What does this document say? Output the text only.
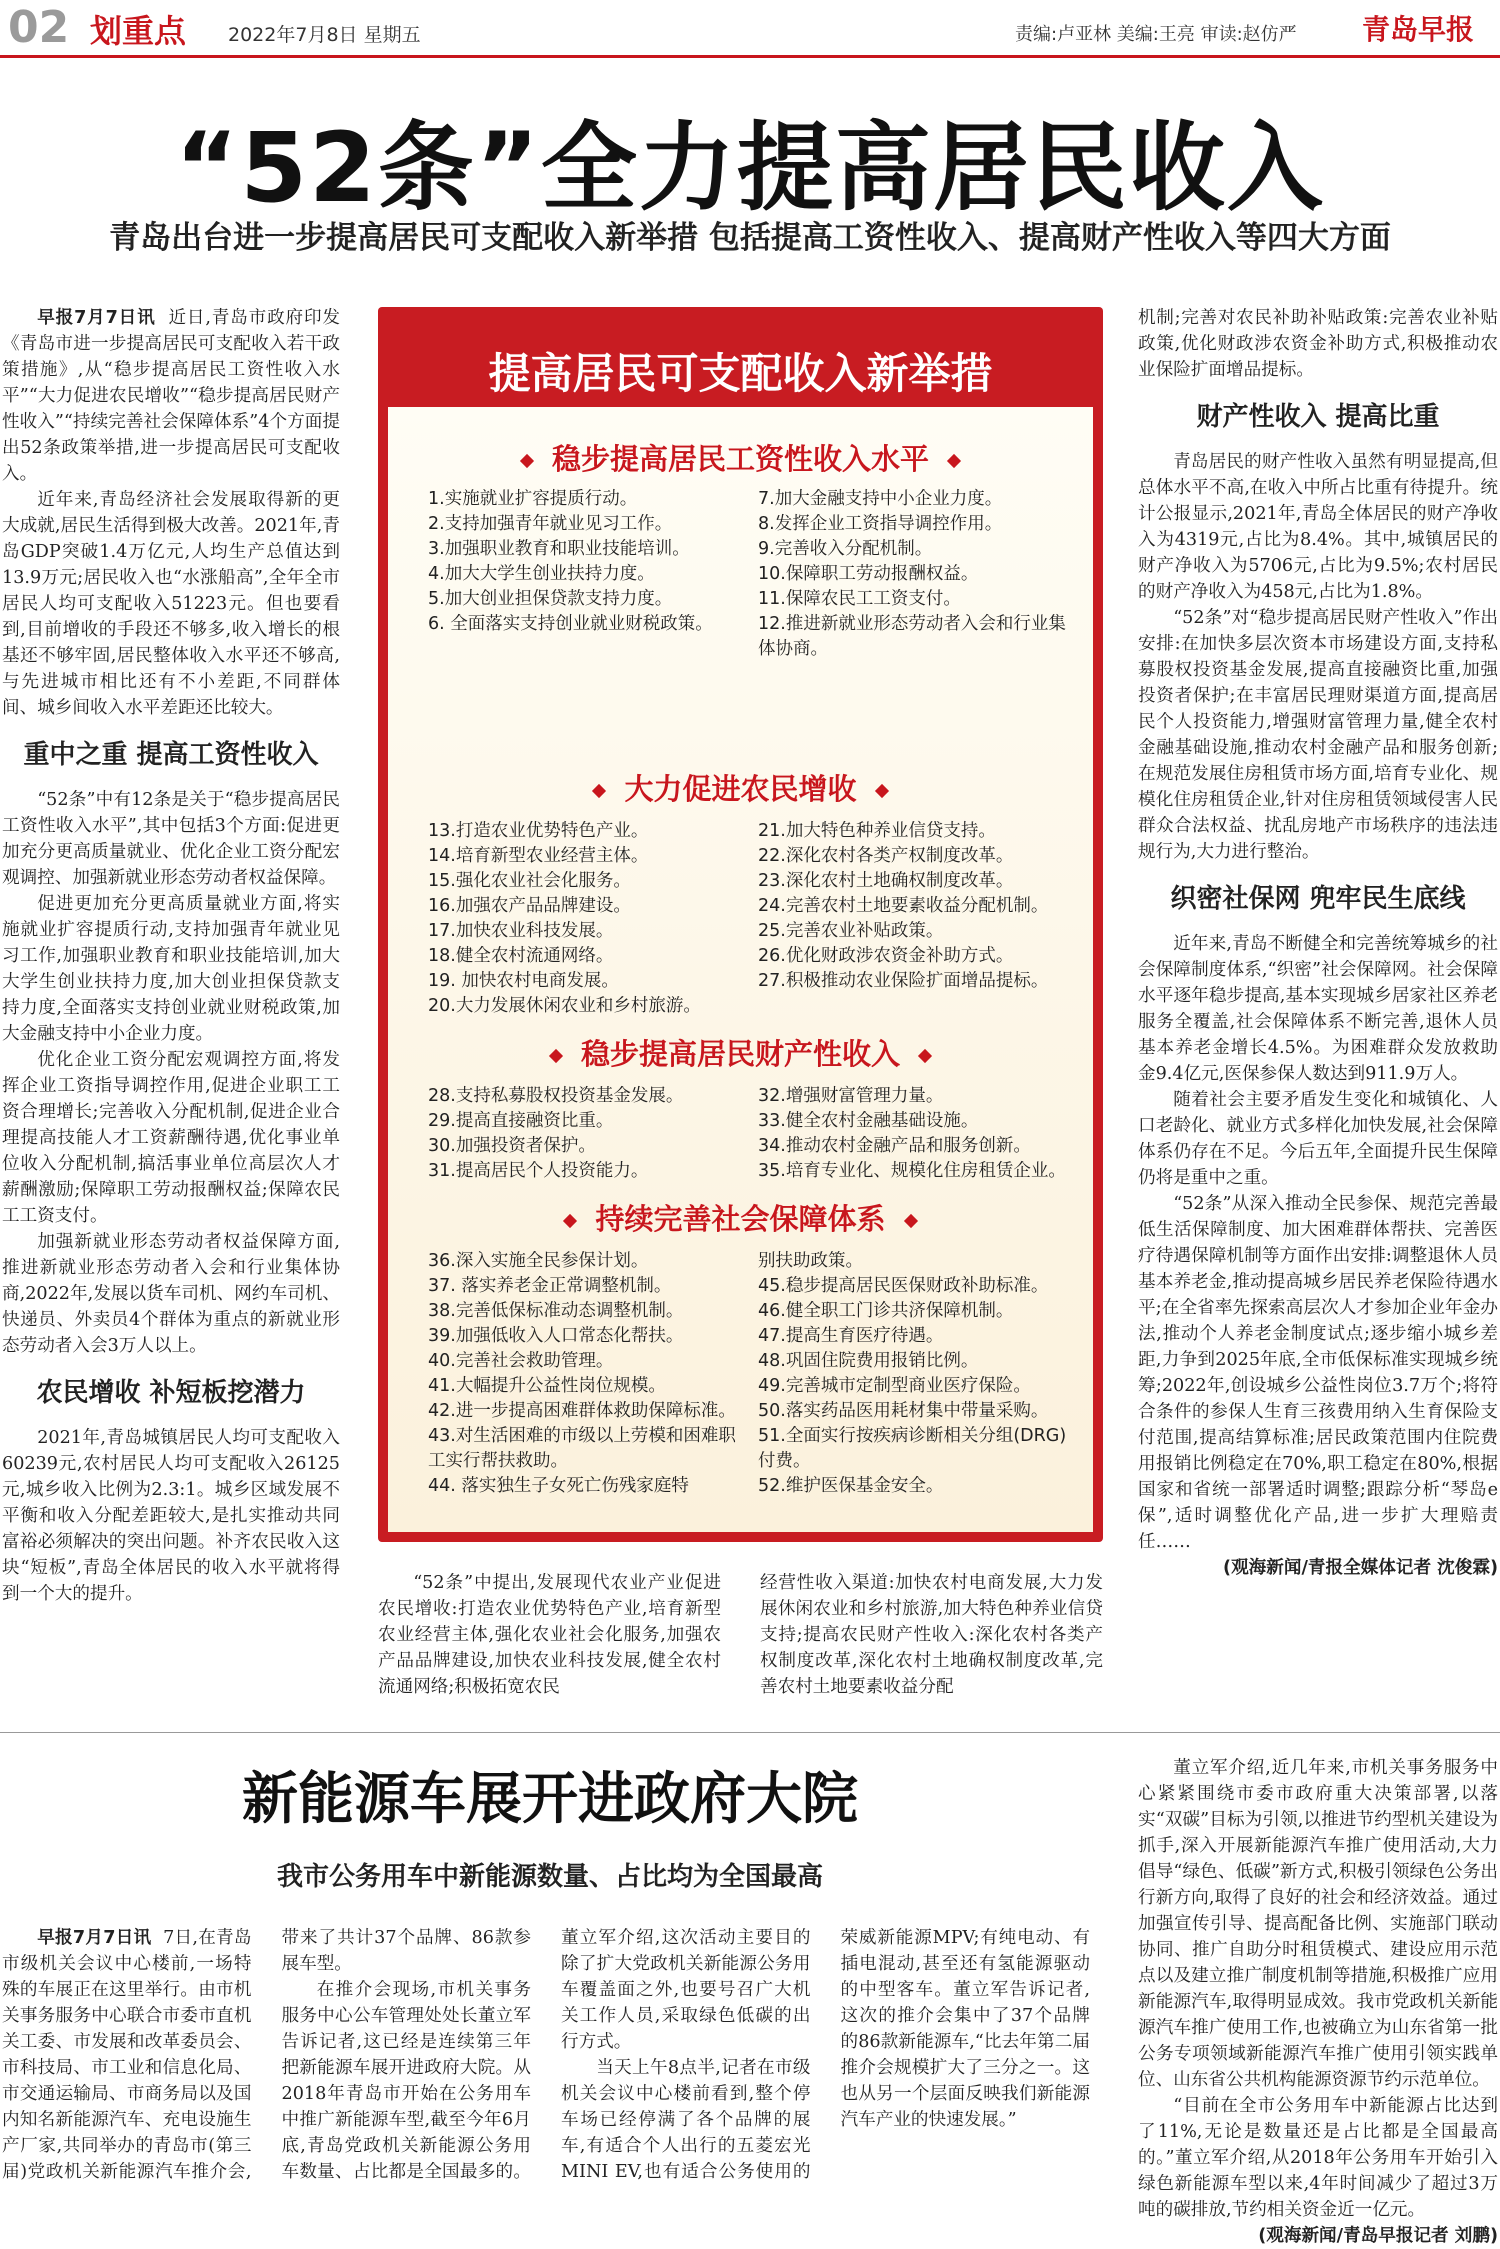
02 划重点 2022年7月8日 星期五	责编:卢亚林 美编:王亮 审读:赵仿严 青岛早报
“52条”全力提高居民收入
青岛出台进一步提高居民可支配收入新举措 包括提高工资性收入、提高财产性收入等四大方面

早报7月7日讯 近日,青岛市政府印发《青岛市进一步提高居民可支配收入若干政策措施》,从“稳步提高居民工资性收入水平”“大力促进农民增收”“稳步提高居民财产性收入”“持续完善社会保障体系”4个方面提出52条政策举措,进一步提高居民可支配收入。

近年来,青岛经济社会发展取得新的更大成就,居民生活得到极大改善。2021年,青岛GDP突破1.4万亿元,人均生产总值达到13.9万元;居民收入也“水涨船高”,全年全市居民人均可支配收入51223元。但也要看到,目前增收的手段还不够多,收入增长的根基还不够牢固,居民整体收入水平还不够高,与先进城市相比还有不小差距,不同群体间、城乡间收入水平差距还比较大。

重中之重 提高工资性收入

“52条”中有12条是关于“稳步提高居民工资性收入水平”,其中包括3个方面:促进更加充分更高质量就业、优化企业工资分配宏观调控、加强新就业形态劳动者权益保障。

促进更加充分更高质量就业方面,将实施就业扩容提质行动,支持加强青年就业见习工作,加强职业教育和职业技能培训,加大大学生创业扶持力度,加大创业担保贷款支持力度,全面落实支持创业就业财税政策,加大金融支持中小企业力度。

优化企业工资分配宏观调控方面,将发挥企业工资指导调控作用,促进企业职工工资合理增长;完善收入分配机制,促进企业合理提高技能人才工资薪酬待遇,优化事业单位收入分配机制,搞活事业单位高层次人才薪酬激励;保障职工劳动报酬权益;保障农民工工资支付。

加强新就业形态劳动者权益保障方面,推进新就业形态劳动者入会和行业集体协商,2022年,发展以货车司机、网约车司机、快递员、外卖员4个群体为重点的新就业形态劳动者入会3万人以上。

农民增收 补短板挖潜力

2021年,青岛城镇居民人均可支配收入60239元,农村居民人均可支配收入26125元,城乡收入比例为2.3:1。城乡区域发展不平衡和收入分配差距较大,是扎实推动共同富裕必须解决的突出问题。补齐农民收入这块“短板”,青岛全体居民的收入水平就将得到一个大的提升。

提高居民可支配收入新举措
稳步提高居民工资性收入水平
1.实施就业扩容提质行动。
2.支持加强青年就业见习工作。
3.加强职业教育和职业技能培训。
4.加大大学生创业扶持力度。
5.加大创业担保贷款支持力度。
6. 全面落实支持创业就业财税政策。
7.加大金融支持中小企业力度。
8.发挥企业工资指导调控作用。
9.完善收入分配机制。
10.保障职工劳动报酬权益。
11.保障农民工工资支付。
12.推进新就业形态劳动者入会和行业集体协商。
大力促进农民增收
13.打造农业优势特色产业。
14.培育新型农业经营主体。
15.强化农业社会化服务。
16.加强农产品品牌建设。
17.加快农业科技发展。
18.健全农村流通网络。
19. 加快农村电商发展。
20.大力发展休闲农业和乡村旅游。
21.加大特色种养业信贷支持。
22.深化农村各类产权制度改革。
23.深化农村土地确权制度改革。
24.完善农村土地要素收益分配机制。
25.完善农业补贴政策。
26.优化财政涉农资金补助方式。
27.积极推动农业保险扩面增品提标。
稳步提高居民财产性收入
28.支持私募股权投资基金发展。
29.提高直接融资比重。
30.加强投资者保护。
31.提高居民个人投资能力。
32.增强财富管理力量。
33.健全农村金融基础设施。
34.推动农村金融产品和服务创新。
35.培育专业化、规模化住房租赁企业。
持续完善社会保障体系
36.深入实施全民参保计划。
37. 落实养老金正常调整机制。
38.完善低保标准动态调整机制。
39.加强低收入人口常态化帮扶。
40.完善社会救助管理。
41.大幅提升公益性岗位规模。
42.进一步提高困难群体救助保障标准。
43.对生活困难的市级以上劳模和困难职工实行帮扶救助。
44. 落实独生子女死亡伤残家庭特
别扶助政策。
45.稳步提高居民医保财政补助标准。
46.健全职工门诊共济保障机制。
47.提高生育医疗待遇。
48.巩固住院费用报销比例。
49.完善城市定制型商业医疗保险。
50.落实药品医用耗材集中带量采购。
51.全面实行按疾病诊断相关分组(DRG)付费。
52.维护医保基金安全。

“52条”中提出,发展现代农业产业促进农民增收:打造农业优势特色产业,培育新型农业经营主体,强化农业社会化服务,加强农产品品牌建设,加快农业科技发展,健全农村流通网络;积极拓宽农民

经营性收入渠道:加快农村电商发展,大力发展休闲农业和乡村旅游,加大特色种养业信贷支持;提高农民财产性收入:深化农村各类产权制度改革,深化农村土地确权制度改革,完善农村土地要素收益分配

机制;完善对农民补助补贴政策:完善农业补贴政策,优化财政涉农资金补助方式,积极推动农业保险扩面增品提标。

财产性收入 提高比重

青岛居民的财产性收入虽然有明显提高,但总体水平不高,在收入中所占比重有待提升。统计公报显示,2021年,青岛全体居民的财产净收入为4319元,占比为8.4%。其中,城镇居民的财产净收入为5706元,占比为9.5%;农村居民的财产净收入为458元,占比为1.8%。

“52条”对“稳步提高居民财产性收入”作出安排:在加快多层次资本市场建设方面,支持私募股权投资基金发展,提高直接融资比重,加强投资者保护;在丰富居民理财渠道方面,提高居民个人投资能力,增强财富管理力量,健全农村金融基础设施,推动农村金融产品和服务创新;在规范发展住房租赁市场方面,培育专业化、规模化住房租赁企业,针对住房租赁领域侵害人民群众合法权益、扰乱房地产市场秩序的违法违规行为,大力进行整治。

织密社保网 兜牢民生底线

近年来,青岛不断健全和完善统筹城乡的社会保障制度体系,“织密”社会保障网。社会保障水平逐年稳步提高,基本实现城乡居家社区养老服务全覆盖,社会保障体系不断完善,退休人员基本养老金增长4.5%。为困难群众发放救助金9.4亿元,医保参保人数达到911.9万人。

随着社会主要矛盾发生变化和城镇化、人口老龄化、就业方式多样化加快发展,社会保障体系仍存在不足。今后五年,全面提升民生保障仍将是重中之重。

“52条”从深入推动全民参保、规范完善最低生活保障制度、加大困难群体帮扶、完善医疗待遇保障机制等方面作出安排:调整退休人员基本养老金,推动提高城乡居民养老保险待遇水平;在全省率先探索高层次人才参加企业年金办法,推动个人养老金制度试点;逐步缩小城乡差距,力争到2025年底,全市低保标准实现城乡统筹;2022年,创设城乡公益性岗位3.7万个;将符合条件的参保人生育三孩费用纳入生育保险支付范围,提高结算标准;居民政策范围内住院费用报销比例稳定在70%,职工稳定在80%,根据国家和省统一部署适时调整;跟踪分析“琴岛e保”,适时调整优化产品,进一步扩大理赔责任……

(观海新闻/青报全媒体记者 沈俊霖)
新能源车展开进政府大院
我市公务用车中新能源数量、占比均为全国最高

早报7月7日讯 7日,在青岛市级机关会议中心楼前,一场特殊的车展正在这里举行。由市机关事务服务中心联合市委市直机关工委、市发展和改革委员会、市科技局、市工业和信息化局、市交通运输局、市商务局以及国内知名新能源汽车、充电设施生产厂家,共同举办的青岛市(第三届)党政机关新能源汽车推介会,带来了共计37个品牌、86款参展车型。

在推介会现场,市机关事务服务中心公车管理处处长董立军告诉记者,这已经是连续第三年把新能源车展开进政府大院。从2018年青岛市开始在公务用车中推广新能源车型,截至今年6月底,青岛党政机关新能源公务用车数量、占比都是全国最多的。董立军介绍,这次活动主要目的除了扩大党政机关新能源公务用车覆盖面之外,也要号召广大机关工作人员,采取绿色低碳的出行方式。

当天上午8点半,记者在市级机关会议中心楼前看到,整个停车场已经停满了各个品牌的展车,有适合个人出行的五菱宏光MINI EV,也有适合公务使用的荣威新能源MPV;有纯电动、有插电混动,甚至还有氢能源驱动的中型客车。董立军告诉记者,这次的推介会集中了37个品牌的86款新能源车,“比去年第二届推介会规模扩大了三分之一。这也从另一个层面反映我们新能源汽车产业的快速发展。”

董立军介绍,近几年来,市机关事务服务中心紧紧围绕市委市政府重大决策部署,以落实“双碳”目标为引领,以推进节约型机关建设为抓手,深入开展新能源汽车推广使用活动,大力倡导“绿色、低碳”新方式,积极引领绿色公务出行新方向,取得了良好的社会和经济效益。通过加强宣传引导、提高配备比例、实施部门联动协同、推广自助分时租赁模式、建设应用示范点以及建立推广制度机制等措施,积极推广应用新能源汽车,取得明显成效。我市党政机关新能源汽车推广使用工作,也被确立为山东省第一批公务专项领域新能源汽车推广使用引领实践单位、山东省公共机构能源资源节约示范单位。

“目前在全市公务用车中新能源占比达到了11%,无论是数量还是占比都是全国最高的。”董立军介绍,从2018年公务用车开始引入绿色新能源车型以来,4年时间减少了超过3万吨的碳排放,节约相关资金近一亿元。

(观海新闻/青岛早报记者 刘鹏)
